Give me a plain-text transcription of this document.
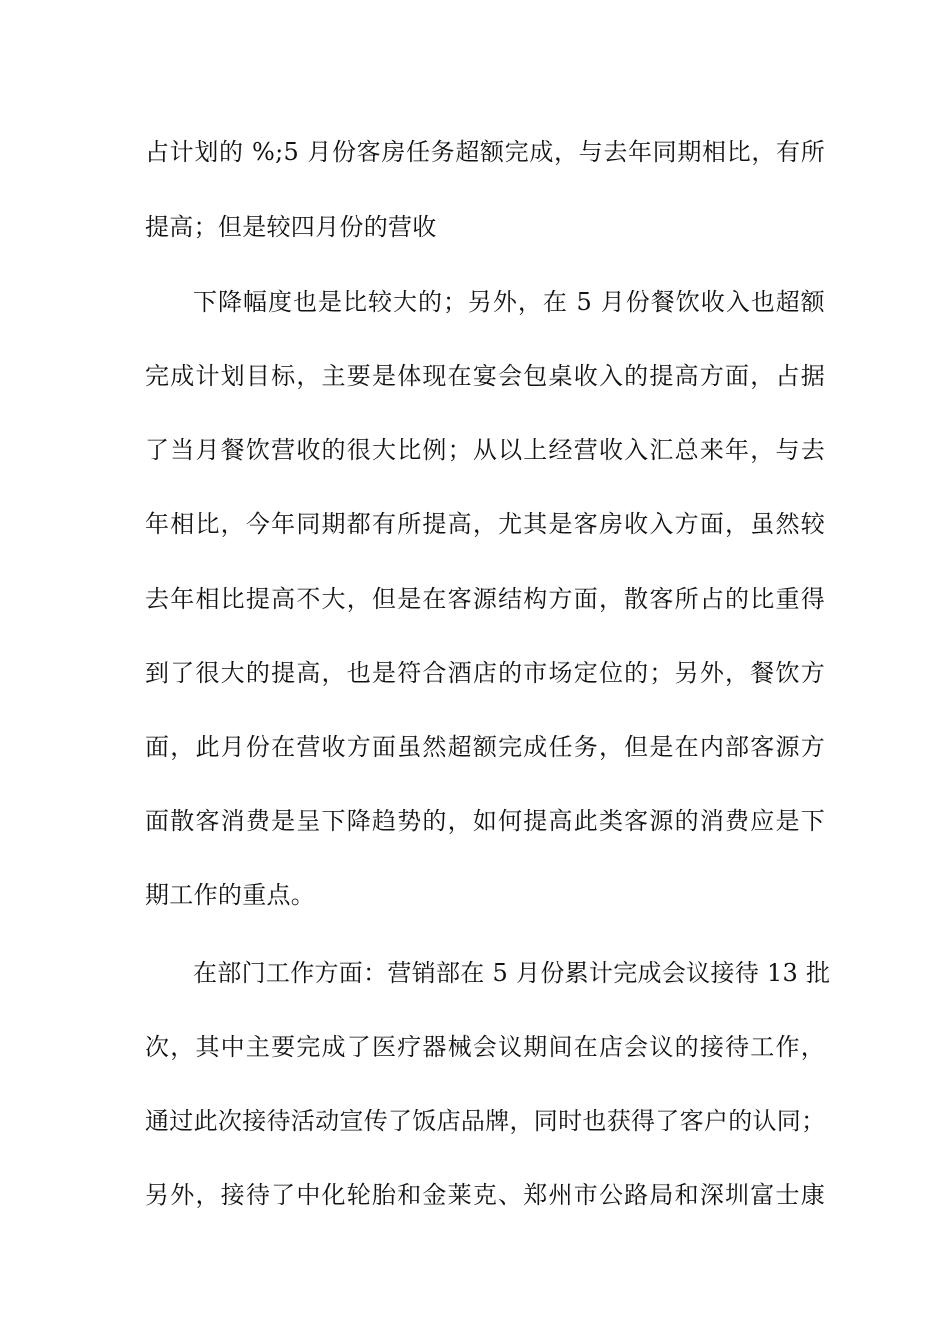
占计划的 %;5 月份客房任务超额完成，与去年同期相比，有所
提高；但是较四月份的营收
下降幅度也是比较大的；另外，在 5 月份餐饮收入也超额
完成计划目标，主要是体现在宴会包桌收入的提高方面，占据
了当月餐饮营收的很大比例；从以上经营收入汇总来年，与去
年相比，今年同期都有所提高，尤其是客房收入方面，虽然较
去年相比提高不大，但是在客源结构方面，散客所占的比重得
到了很大的提高，也是符合酒店的市场定位的；另外，餐饮方
面，此月份在营收方面虽然超额完成任务，但是在内部客源方
面散客消费是呈下降趋势的，如何提高此类客源的消费应是下
期工作的重点。
在部门工作方面：营销部在 5 月份累计完成会议接待 13 批
次，其中主要完成了医疗器械会议期间在店会议的接待工作，
通过此次接待活动宣传了饭店品牌，同时也获得了客户的认同；
另外，接待了中化轮胎和金莱克、郑州市公路局和深圳富士康
